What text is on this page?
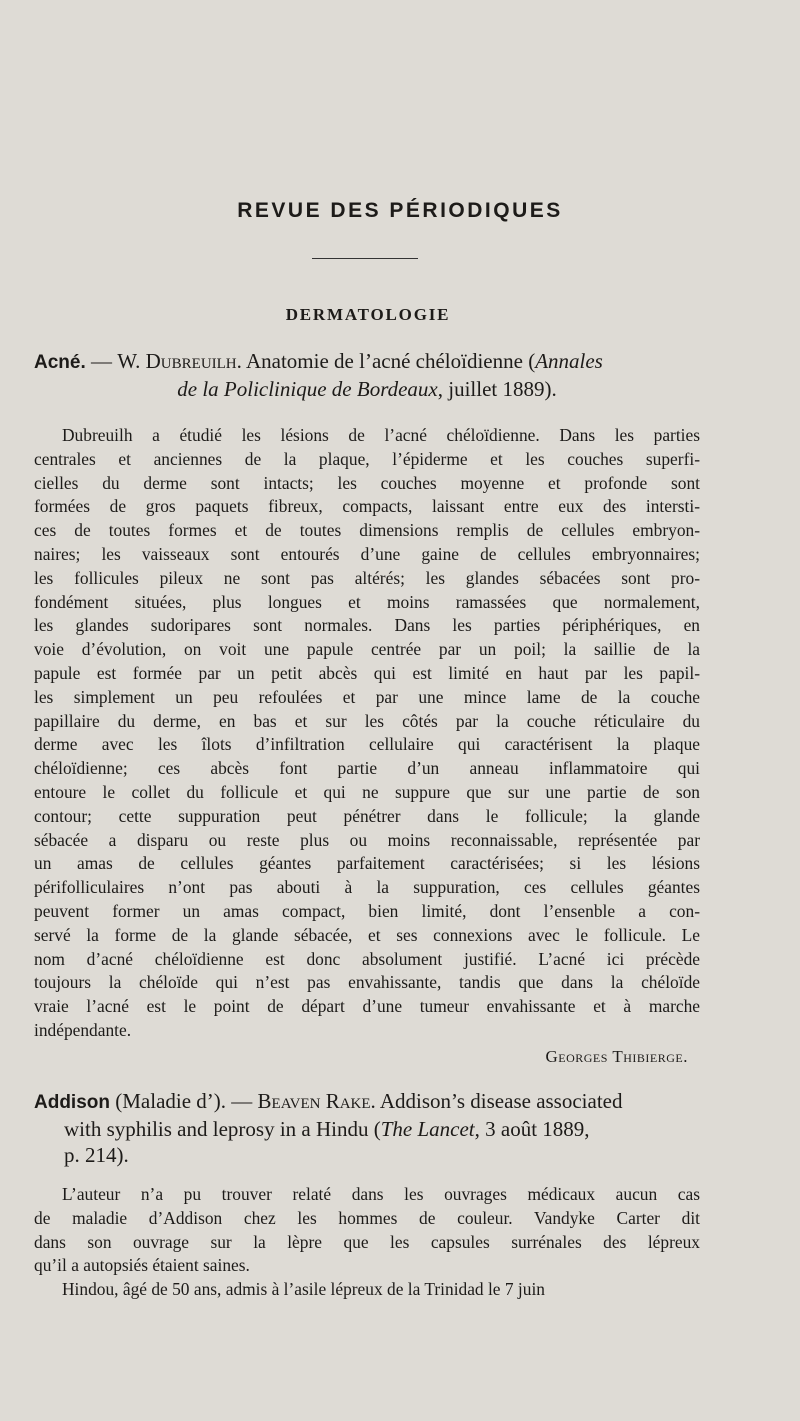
REVUE DES PÉRIODIQUES
DERMATOLOGIE
Acné. — W. Dubreuilh. Anatomie de l’acné chéloïdienne (Annales
de la Policlinique de Bordeaux, juillet 1889).
Dubreuilh a étudié les lésions de l’acné chéloïdienne. Dans les parties
centrales et anciennes de la plaque, l’épiderme et les couches superfi-
cielles du derme sont intacts; les couches moyenne et profonde sont
formées de gros paquets fibreux, compacts, laissant entre eux des intersti-
ces de toutes formes et de toutes dimensions remplis de cellules embryon-
naires; les vaisseaux sont entourés d’une gaine de cellules embryonnaires;
les follicules pileux ne sont pas altérés; les glandes sébacées sont pro-
fondément situées, plus longues et moins ramassées que normalement,
les glandes sudoripares sont normales. Dans les parties périphériques, en
voie d’évolution, on voit une papule centrée par un poil; la saillie de la
papule est formée par un petit abcès qui est limité en haut par les papil-
les simplement un peu refoulées et par une mince lame de la couche
papillaire du derme, en bas et sur les côtés par la couche réticulaire du
derme avec les îlots d’infiltration cellulaire qui caractérisent la plaque
chéloïdienne; ces abcès font partie d’un anneau inflammatoire qui
entoure le collet du follicule et qui ne suppure que sur une partie de son
contour; cette suppuration peut pénétrer dans le follicule; la glande
sébacée a disparu ou reste plus ou moins reconnaissable, représentée par
un amas de cellules géantes parfaitement caractérisées; si les lésions
périfolliculaires n’ont pas abouti à la suppuration, ces cellules géantes
peuvent former un amas compact, bien limité, dont l’ensenble a con-
servé la forme de la glande sébacée, et ses connexions avec le follicule. Le
nom d’acné chéloïdienne est donc absolument justifié. L’acné ici précède
toujours la chéloïde qui n’est pas envahissante, tandis que dans la chéloïde
vraie l’acné est le point de départ d’une tumeur envahissante et à marche
indépendante.
Georges Thibierge.
Addison (Maladie d’). — Beaven Rake. Addison’s disease associated
with syphilis and leprosy in a Hindu (The Lancet, 3 août 1889,
p. 214).
L’auteur n’a pu trouver relaté dans les ouvrages médicaux aucun cas
de maladie d’Addison chez les hommes de couleur. Vandyke Carter dit
dans son ouvrage sur la lèpre que les capsules surrénales des lépreux
qu’il a autopsiés étaient saines.
Hindou, âgé de 50 ans, admis à l’asile lépreux de la Trinidad le 7 juin
